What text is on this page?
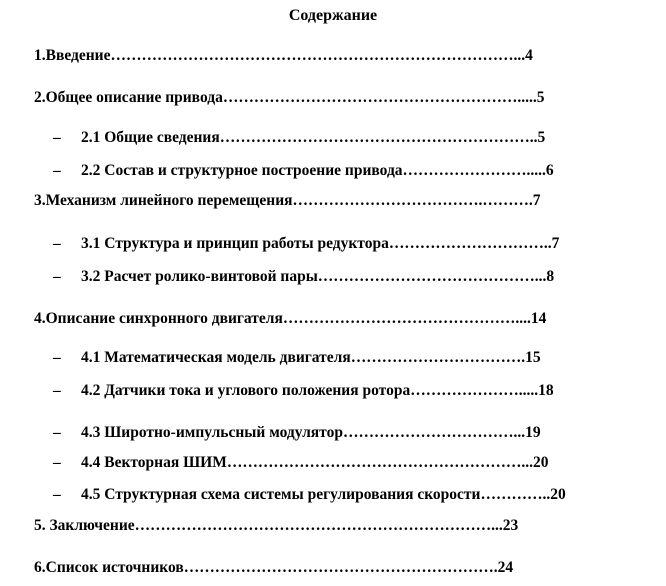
Содержание
1.Введение……………………………………………………………………...4
2.Общее описание привода………………………………………………….....5
– 2.1 Общие сведения……………………………………………………..5
– 2.2 Состав и структурное построение привода…………………….....6
3.Механизм линейного перемещения……………………………….……….7
– 3.1 Структура и принцип работы редуктора…………………………..7
– 3.2 Расчет ролико-винтовой пары……………………………………...8
4.Описание синхронного двигателя………………………………………....14
– 4.1 Математическая модель двигателя…………………………….15
– 4.2 Датчики тока и углового положения ротора………………….....18
– 4.3 Широтно-импульсный модулятор……………………………...19
– 4.4 Векторная ШИМ…………………………………………………...20
– 4.5 Структурная схема системы регулирования скорости…………..20
5. Заключение……………………………………………………………...23
6.Список источников…………………………………………………….24
